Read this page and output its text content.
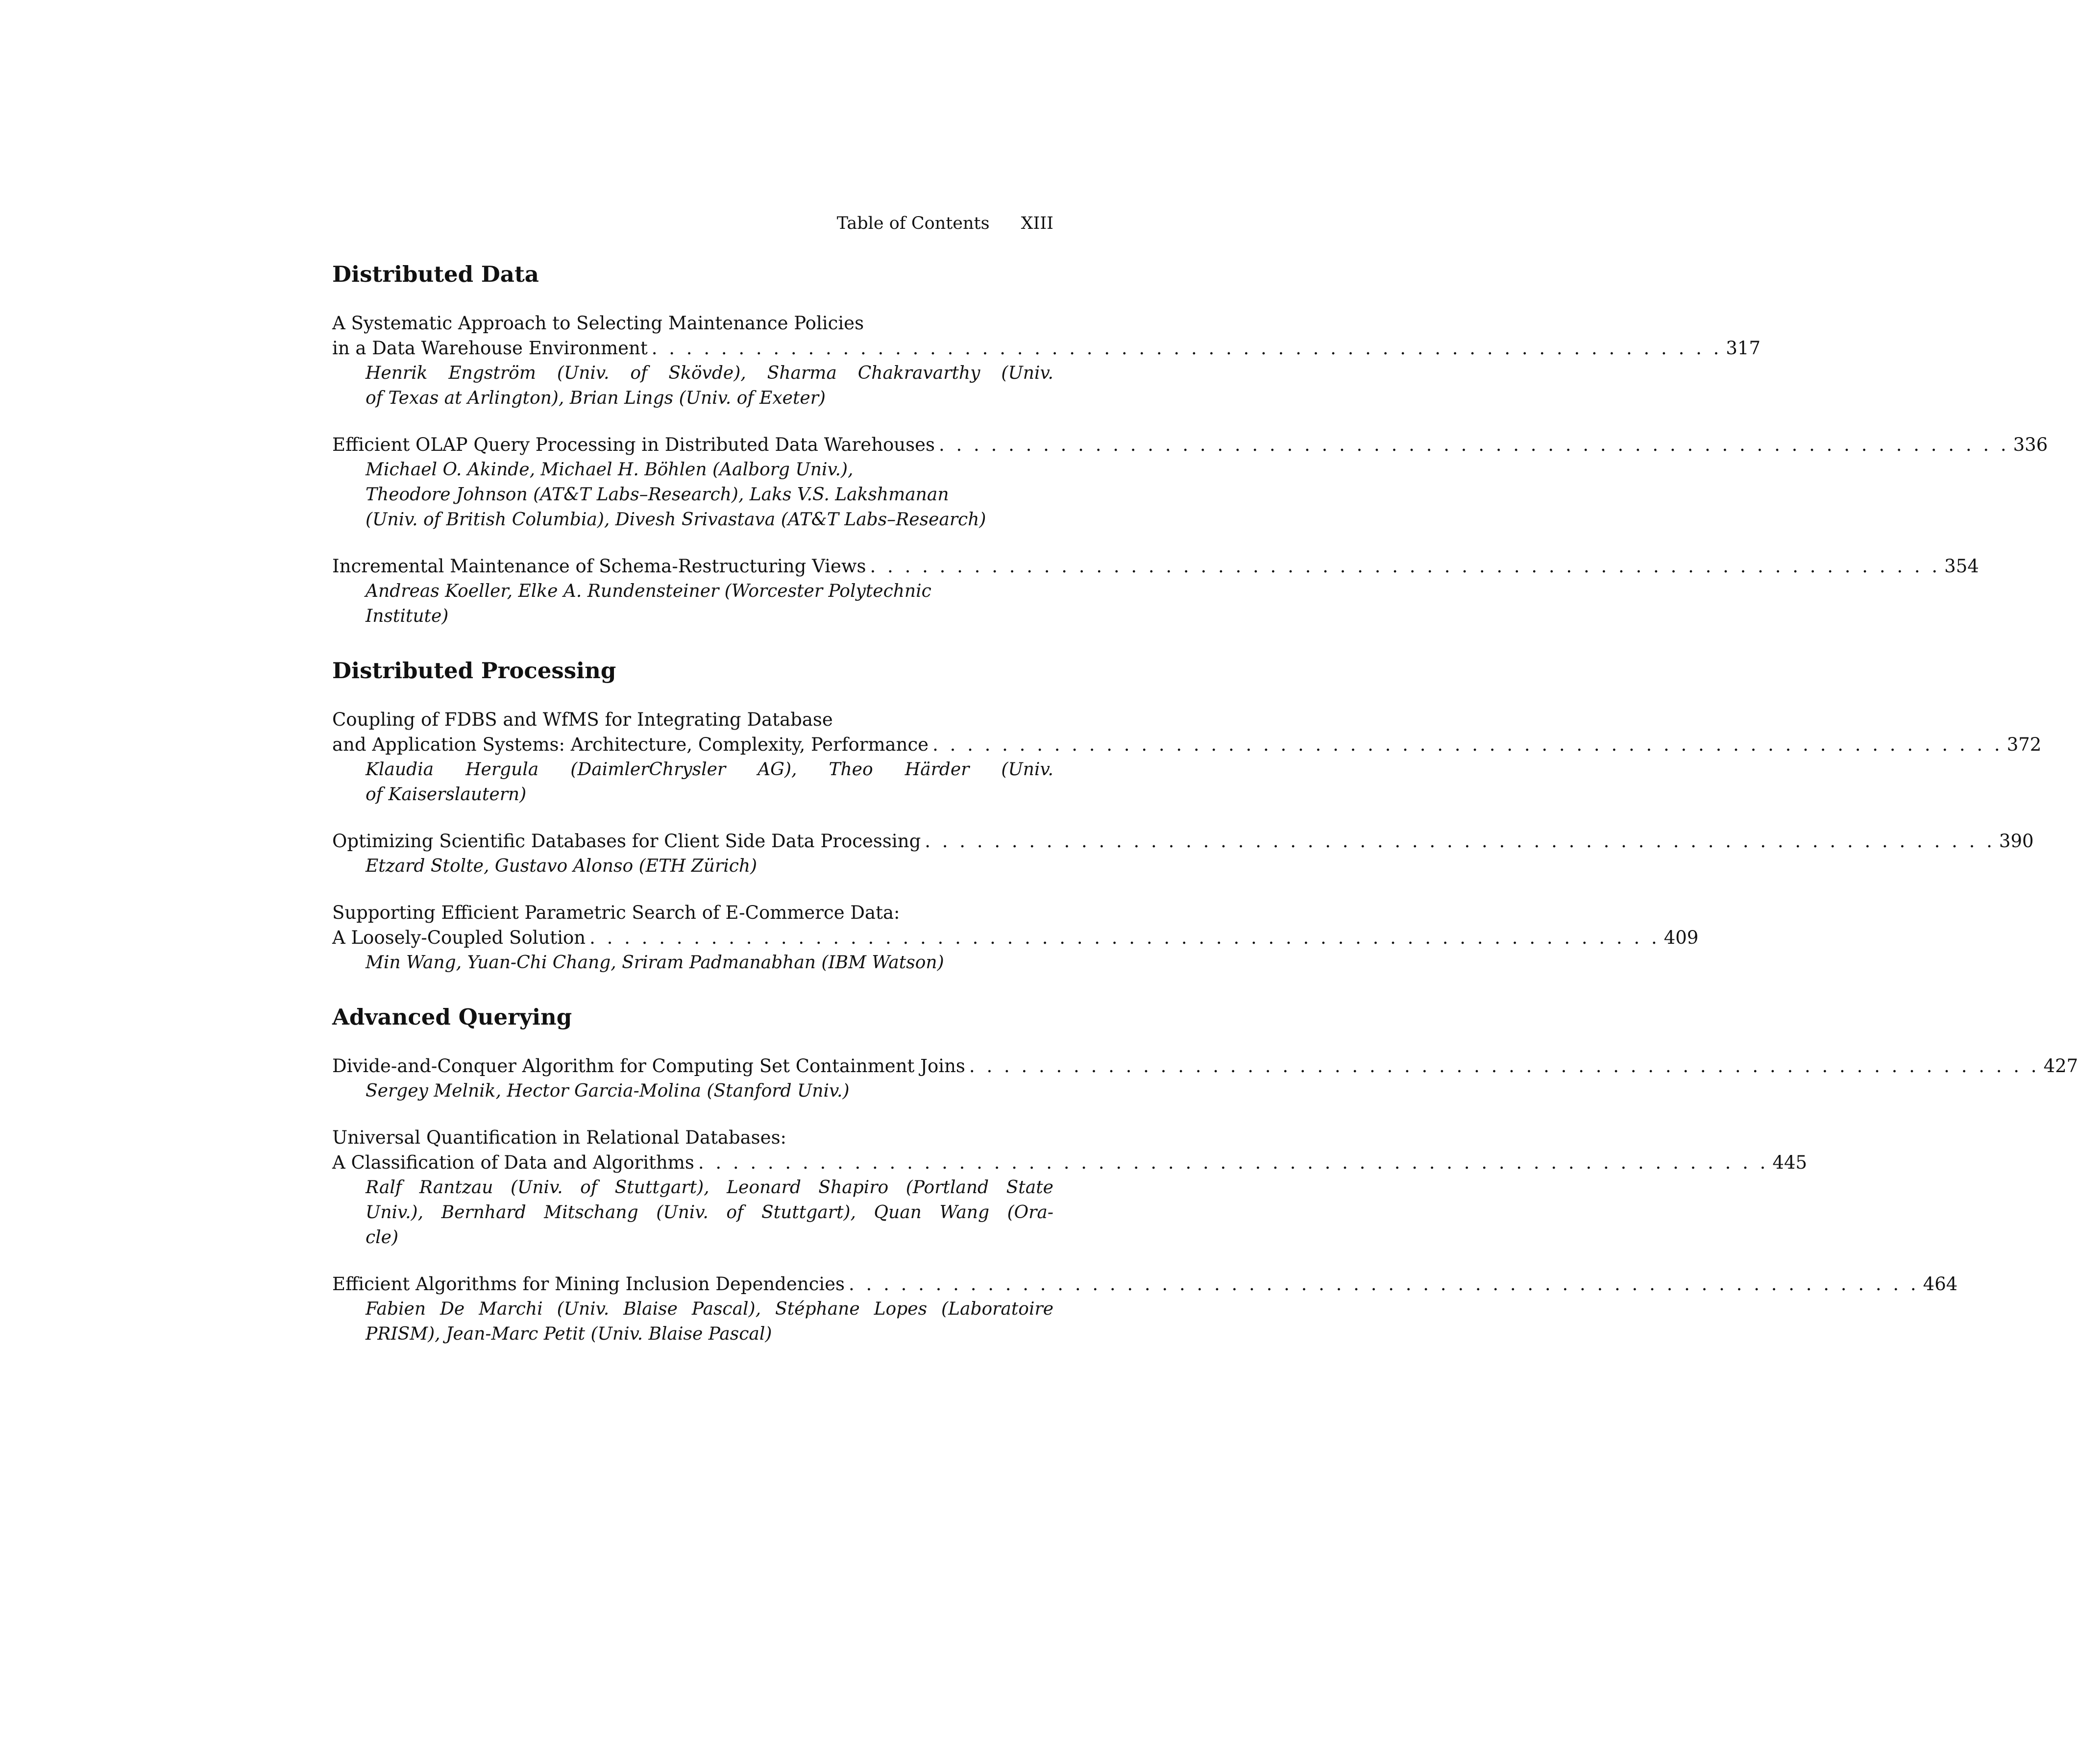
Table of Contents XIII
Distributed Data
A Systematic Approach to Selecting Maintenance Policies
in a Data Warehouse Environment . . . . . . . . . . . . . . . . . . . . . . . . . . . . . . . . . . . . . . . . . . . . . . . . . . . . . . . . . . . . . . 317
Henrik Engström (Univ. of Skövde), Sharma Chakravarthy (Univ.
of Texas at Arlington), Brian Lings (Univ. of Exeter)
Efficient OLAP Query Processing in Distributed Data Warehouses . . . . . . . . . . . . . . . . . . . . . . . . . . . . . . . . . . . . . . . . . . . . . . . . . . . . . . . . . . . . . . 336
Michael O. Akinde, Michael H. Böhlen (Aalborg Univ.),
Theodore Johnson (AT&T Labs–Research), Laks V.S. Lakshmanan
(Univ. of British Columbia), Divesh Srivastava (AT&T Labs–Research)
Incremental Maintenance of Schema-Restructuring Views . . . . . . . . . . . . . . . . . . . . . . . . . . . . . . . . . . . . . . . . . . . . . . . . . . . . . . . . . . . . . . 354
Andreas Koeller, Elke A. Rundensteiner (Worcester Polytechnic
Institute)
Distributed Processing
Coupling of FDBS and WfMS for Integrating Database
and Application Systems: Architecture, Complexity, Performance . . . . . . . . . . . . . . . . . . . . . . . . . . . . . . . . . . . . . . . . . . . . . . . . . . . . . . . . . . . . . . 372
Klaudia Hergula (DaimlerChrysler AG), Theo Härder (Univ.
of Kaiserslautern)
Optimizing Scientific Databases for Client Side Data Processing . . . . . . . . . . . . . . . . . . . . . . . . . . . . . . . . . . . . . . . . . . . . . . . . . . . . . . . . . . . . . . 390
Etzard Stolte, Gustavo Alonso (ETH Zürich)
Supporting Efficient Parametric Search of E-Commerce Data:
A Loosely-Coupled Solution . . . . . . . . . . . . . . . . . . . . . . . . . . . . . . . . . . . . . . . . . . . . . . . . . . . . . . . . . . . . . . 409
Min Wang, Yuan-Chi Chang, Sriram Padmanabhan (IBM Watson)
Advanced Querying
Divide-and-Conquer Algorithm for Computing Set Containment Joins . . . . . . . . . . . . . . . . . . . . . . . . . . . . . . . . . . . . . . . . . . . . . . . . . . . . . . . . . . . . . . 427
Sergey Melnik, Hector Garcia-Molina (Stanford Univ.)
Universal Quantification in Relational Databases:
A Classification of Data and Algorithms . . . . . . . . . . . . . . . . . . . . . . . . . . . . . . . . . . . . . . . . . . . . . . . . . . . . . . . . . . . . . . 445
Ralf Rantzau (Univ. of Stuttgart), Leonard Shapiro (Portland State
Univ.), Bernhard Mitschang (Univ. of Stuttgart), Quan Wang (Ora-
cle)
Efficient Algorithms for Mining Inclusion Dependencies . . . . . . . . . . . . . . . . . . . . . . . . . . . . . . . . . . . . . . . . . . . . . . . . . . . . . . . . . . . . . . 464
Fabien De Marchi (Univ. Blaise Pascal), Stéphane Lopes (Laboratoire
PRISM), Jean-Marc Petit (Univ. Blaise Pascal)
